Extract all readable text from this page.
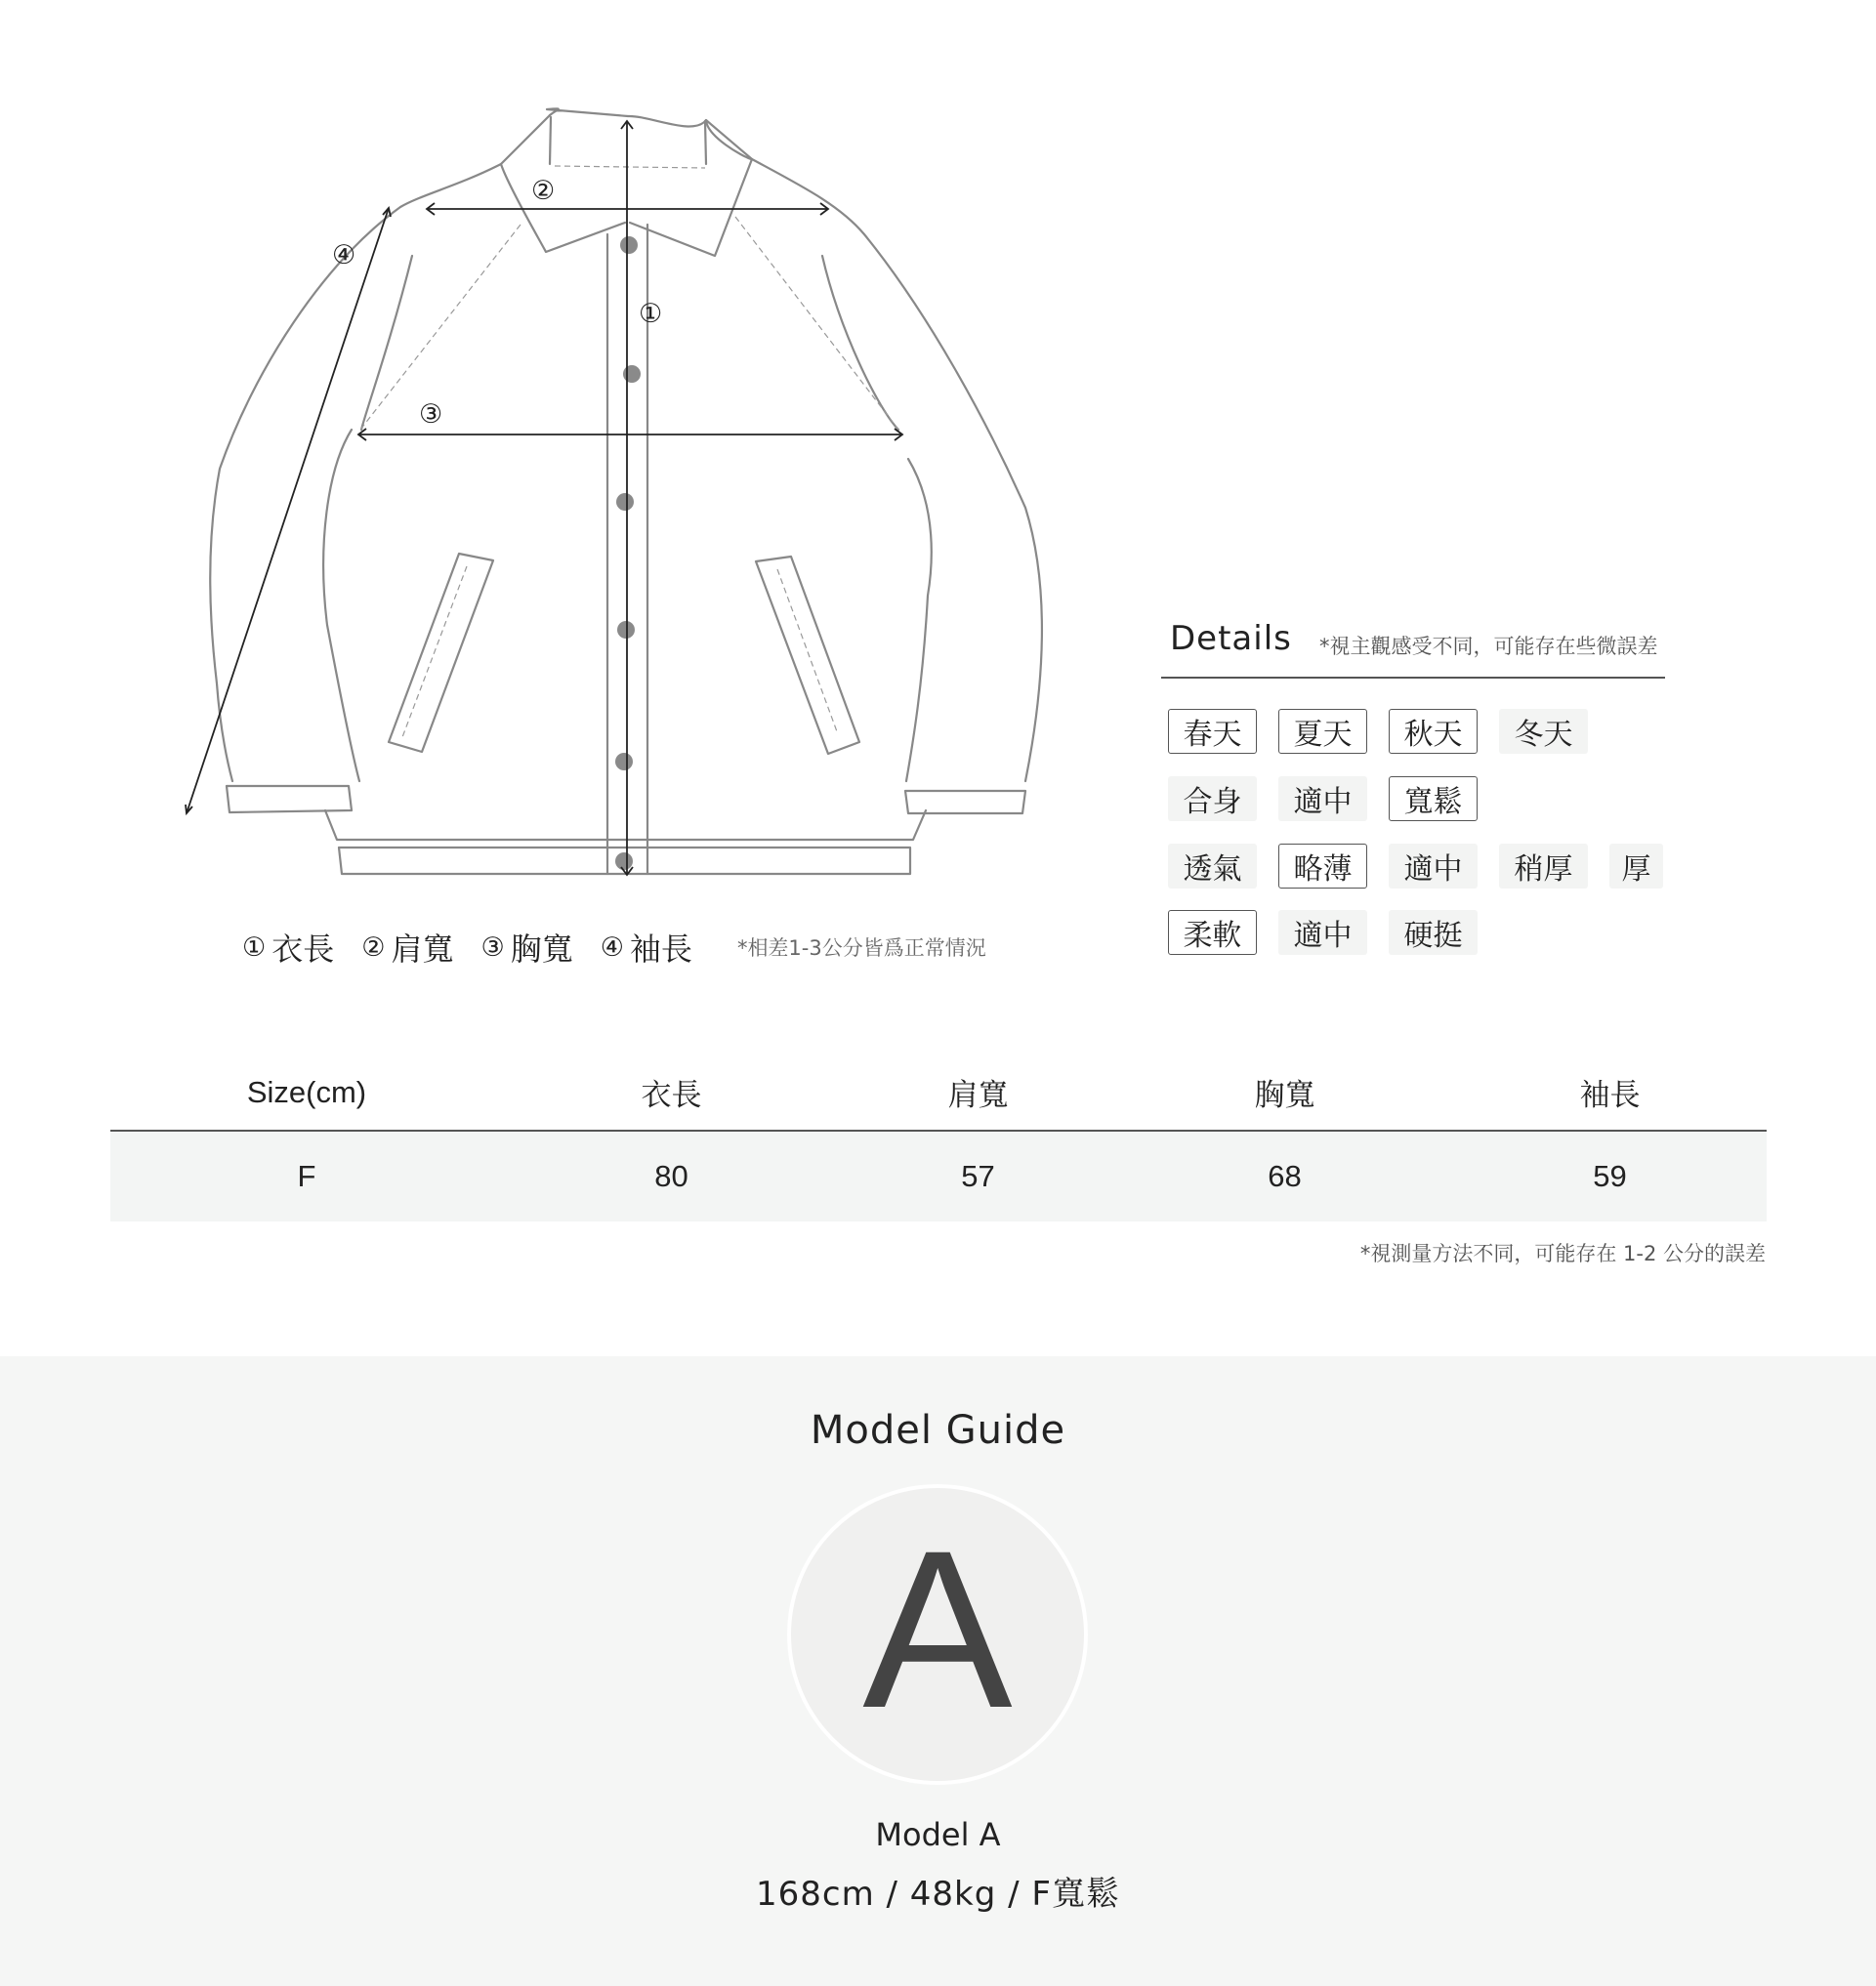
①
②
③
④
① 衣長 ② 肩寬 ③ 胸寬 ④ 袖長 *相差1-3公分皆爲正常情況
Details *視主觀感受不同，可能存在些微誤差
春天	夏天	秋天	冬天
合身	適中	寬鬆
透氣	略薄	適中	稍厚	厚
柔軟	適中	硬挺
Size(cm)	衣長	肩寬	胸寬	袖長
F	80	57	68	59
*視測量方法不同，可能存在 1-2 公分的誤差
Model Guide
A
Model A
168cm / 48kg / F寬鬆
